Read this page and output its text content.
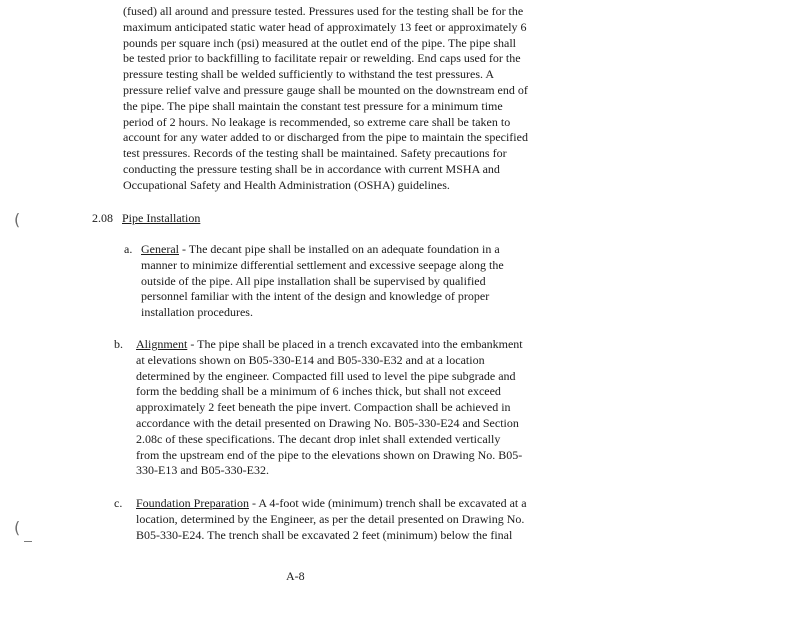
(fused) all around and pressure tested. Pressures used for the testing shall be for the
maximum anticipated static water head of approximately 13 feet or approximately 6
pounds per square inch (psi) measured at the outlet end of the pipe. The pipe shall
be tested prior to backfilling to facilitate repair or rewelding. End caps used for the
pressure testing shall be welded sufficiently to withstand the test pressures. A
pressure relief valve and pressure gauge shall be mounted on the downstream end of
the pipe. The pipe shall maintain the constant test pressure for a minimum time
period of 2 hours. No leakage is recommended, so extreme care shall be taken to
account for any water added to or discharged from the pipe to maintain the specified
test pressures. Records of the testing shall be maintained. Safety precautions for
conducting the pressure testing shall be in accordance with current MSHA and
Occupational Safety and Health Administration (OSHA) guidelines.
(
(
2.08 Pipe Installation
a. General - The decant pipe shall be installed on an adequate foundation in a
manner to minimize differential settlement and excessive seepage along the
outside of the pipe. All pipe installation shall be supervised by qualified
personnel familiar with the intent of the design and knowledge of proper
installation procedures.
b. Alignment - The pipe shall be placed in a trench excavated into the embankment
at elevations shown on B05-330-E14 and B05-330-E32 and at a location
determined by the engineer. Compacted fill used to level the pipe subgrade and
form the bedding shall be a minimum of 6 inches thick, but shall not exceed
approximately 2 feet beneath the pipe invert. Compaction shall be achieved in
accordance with the detail presented on Drawing No. B05-330-E24 and Section
2.08c of these specifications. The decant drop inlet shall extended vertically
from the upstream end of the pipe to the elevations shown on Drawing No. B05-
330-E13 and B05-330-E32.
c. Foundation Preparation - A 4-foot wide (minimum) trench shall be excavated at a
location, determined by the Engineer, as per the detail presented on Drawing No.
B05-330-E24. The trench shall be excavated 2 feet (minimum) below the final
A-8
